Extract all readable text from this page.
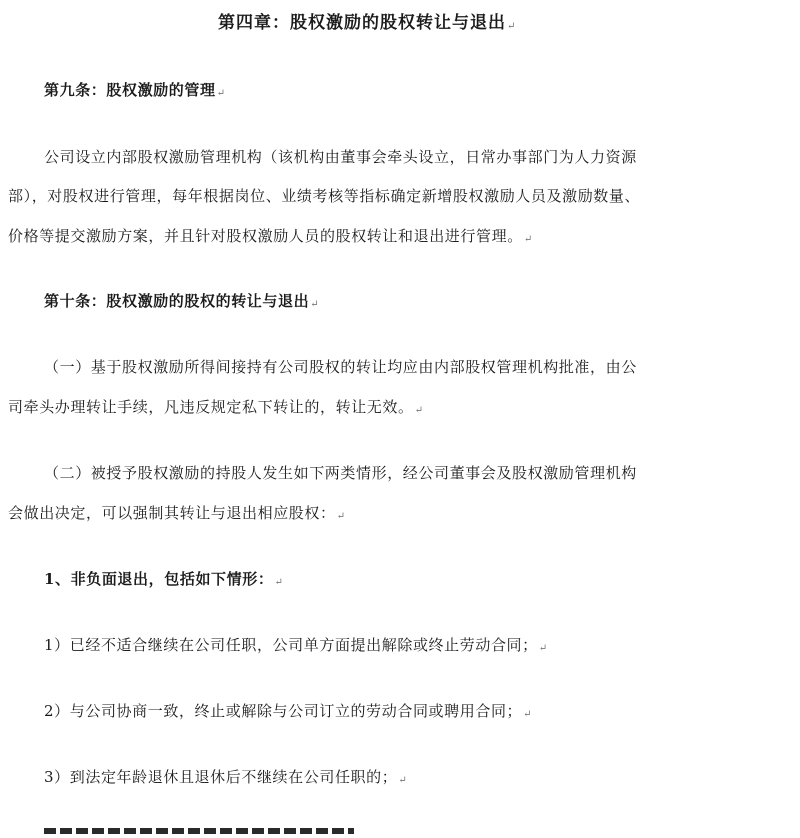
第四章：股权激励的股权转让与退出↵
第九条：股权激励的管理↵
公司设立内部股权激励管理机构（该机构由董事会牵头设立，日常办事部门为人力资源
部），对股权进行管理，每年根据岗位、业绩考核等指标确定新增股权激励人员及激励数量、
价格等提交激励方案，并且针对股权激励人员的股权转让和退出进行管理。↵
第十条：股权激励的股权的转让与退出↵
（一）基于股权激励所得间接持有公司股权的转让均应由内部股权管理机构批准，由公
司牵头办理转让手续，凡违反规定私下转让的，转让无效。↵
（二）被授予股权激励的持股人发生如下两类情形，经公司董事会及股权激励管理机构
会做出决定，可以强制其转让与退出相应股权：↵
1、非负面退出，包括如下情形：↵
1）已经不适合继续在公司任职，公司单方面提出解除或终止劳动合同；↵
2）与公司协商一致，终止或解除与公司订立的劳动合同或聘用合同；↵
3）到法定年龄退休且退休后不继续在公司任职的；↵
